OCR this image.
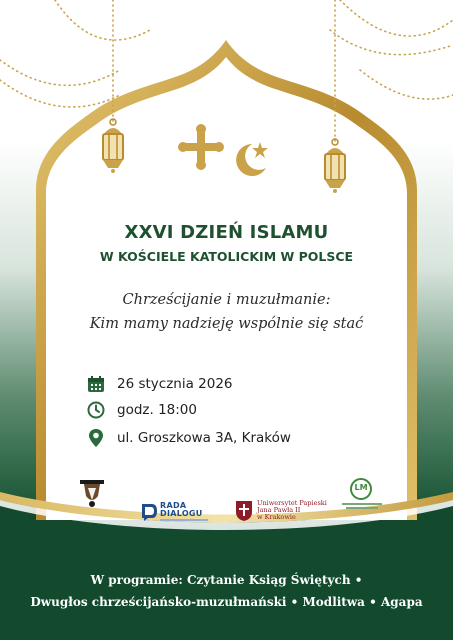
XXVI DZIEŃ ISLAMU
W KOŚCIELE KATOLICKIM W POLSCE
Chrześcijanie i muzułmanie:
Kim mamy nadzieję wspólnie się stać
26 stycznia 2026
godz. 18:00
ul. Groszkowa 3A, Kraków
RADA
DIALOGU
Uniwersytet Papieski
Jana Pawła II
w Krakowie
LM
W programie: Czytanie Ksiąg Świętych •
Dwugłos chrześcijańsko-muzułmański • Modlitwa • Agapa
